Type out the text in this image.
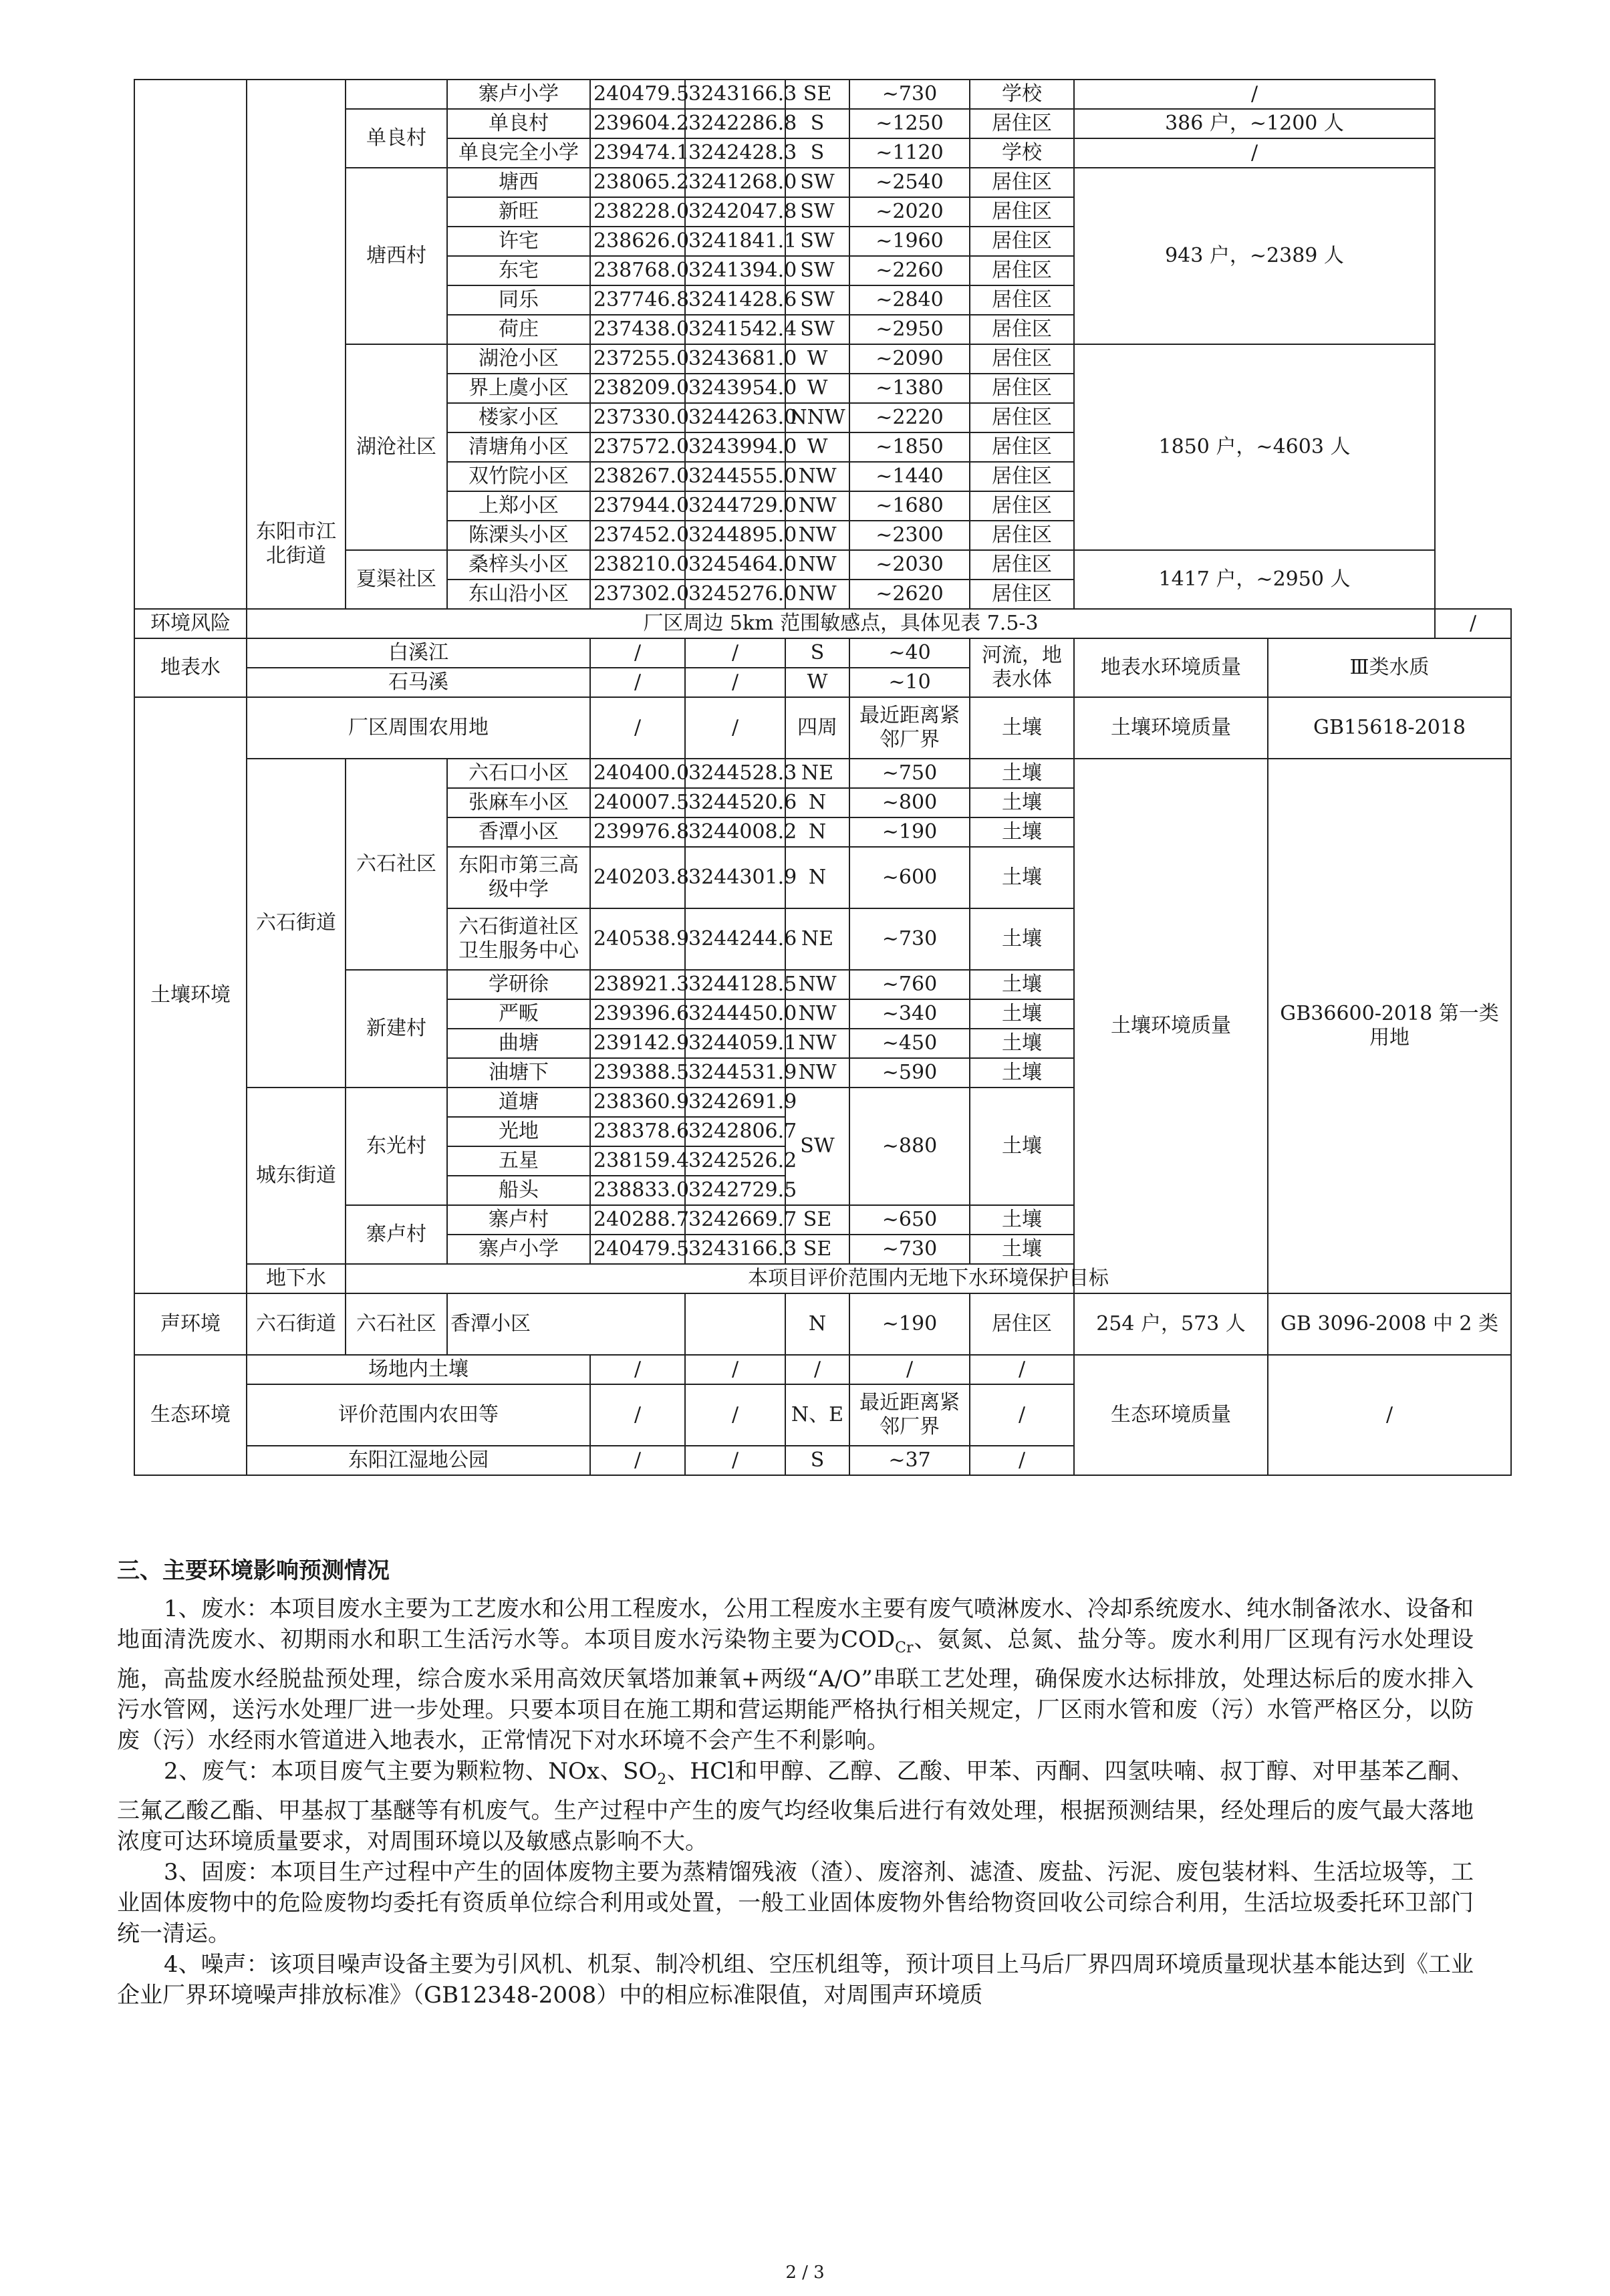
	东阳市江北街道		寨卢小学	240479.5	3243166.3	SE	~730	学校	/		
		单良村	单良村	239604.2	3242286.8	S	~1250	居住区	386 户，~1200 人		
			单良完全小学	239474.1	3242428.3	S	~1120	学校	/		
		塘西村	塘西	238065.2	3241268.0	SW	~2540	居住区	943 户，~2389 人		
			新旺	238228.0	3242047.8	SW	~2020	居住区			
			许宅	238626.0	3241841.1	SW	~1960	居住区			
			东宅	238768.0	3241394.0	SW	~2260	居住区			
			同乐	237746.8	3241428.6	SW	~2840	居住区			
			荷庄	237438.0	3241542.4	SW	~2950	居住区			
		湖沧社区	湖沧小区	237255.0	3243681.0	W	~2090	居住区	1850 户，~4603 人		
			界上虞小区	238209.0	3243954.0	W	~1380	居住区			
			楼家小区	237330.0	3244263.0	NNW	~2220	居住区			
			清塘角小区	237572.0	3243994.0	W	~1850	居住区			
			双竹院小区	238267.0	3244555.0	NW	~1440	居住区			
			上郑小区	237944.0	3244729.0	NW	~1680	居住区			
			陈溧头小区	237452.0	3244895.0	NW	~2300	居住区			
		夏渠社区	桑梓头小区	238210.0	3245464.0	NW	~2030	居住区	1417 户，~2950 人		
			东山沿小区	237302.0	3245276.0	NW	~2620	居住区			
环境风险	厂区周边 5km 范围敏感点，具体见表 7.5-3										/
地表水	白溪江			/	/	S	~40	河流，地表水体	地表水环境质量	Ⅲ类水质	
	石马溪			/	/	W	~10				
土壤环境	厂区周围农用地			/	/	四周	最近距离紧邻厂界	土壤	土壤环境质量	GB15618-2018	
	六石街道	六石社区	六石口小区	240400.0	3244528.3	NE	~750	土壤	土壤环境质量	GB36600-2018 第一类用地	
			张麻车小区	240007.5	3244520.6	N	~800	土壤			
			香潭小区	239976.8	3244008.2	N	~190	土壤			
			东阳市第三高级中学	240203.8	3244301.9	N	~600	土壤			
			六石街道社区卫生服务中心	240538.9	3244244.6	NE	~730	土壤			
		新建村	学研徐	238921.3	3244128.5	NW	~760	土壤			
			严畈	239396.6	3244450.0	NW	~340	土壤			
			曲塘	239142.9	3244059.1	NW	~450	土壤			
			油塘下	239388.5	3244531.9	NW	~590	土壤			
	城东街道	东光村	道塘	238360.9	3242691.9	SW	~880	土壤			
			光地	238378.6	3242806.7						
			五星	238159.4	3242526.2						
			船头	238833.0	3242729.5						
		寨卢村	寨卢村	240288.7	3242669.7	SE	~650	土壤			
			寨卢小学	240479.5	3243166.3	SE	~730	土壤			
	地下水	本项目评价范围内无地下水环境保护目标									
声环境	六石街道	六石社区	香潭小区			N	~190	居住区	254 户，573 人	GB 3096-2008 中 2 类	
生态环境	场地内土壤			/	/	/	/	/	生态环境质量	/	
	评价范围内农田等			/	/	N、E	最近距离紧邻厂界	/			
	东阳江湿地公园			/	/	S	~37	/			
三、主要环境影响预测情况

1、废水：本项目废水主要为工艺废水和公用工程废水，公用工程废水主要有废气喷淋废水、冷却系统废水、纯水制备浓水、设备和地面清洗废水、初期雨水和职工生活污水等。本项目废水污染物主要为$COD_{Cr}$、氨氮、总氮、盐分等。废水利用厂区现有污水处理设施，高盐废水经脱盐预处理，综合废水采用高效厌氧塔加兼氧+两级“A/O”串联工艺处理，确保废水达标排放，处理达标后的废水排入污水管网，送污水处理厂进一步处理。只要本项目在施工期和营运期能严格执行相关规定，厂区雨水管和废（污）水管严格区分，以防废（污）水经雨水管道进入地表水，正常情况下对水环境不会产生不利影响。

2、废气：本项目废气主要为颗粒物、NOx、$SO_2$、HCl和甲醇、乙醇、乙酸、甲苯、丙酮、四氢呋喃、叔丁醇、对甲基苯乙酮、三氟乙酸乙酯、甲基叔丁基醚等有机废气。生产过程中产生的废气均经收集后进行有效处理，根据预测结果，经处理后的废气最大落地浓度可达环境质量要求，对周围环境以及敏感点影响不大。

3、固废：本项目生产过程中产生的固体废物主要为蒸精馏残液（渣）、废溶剂、滤渣、废盐、污泥、废包装材料、生活垃圾等，工业固体废物中的危险废物均委托有资质单位综合利用或处置，一般工业固体废物外售给物资回收公司综合利用，生活垃圾委托环卫部门统一清运。

4、噪声：该项目噪声设备主要为引风机、机泵、制冷机组、空压机组等，预计项目上马后厂界四周环境质量现状基本能达到《工业企业厂界环境噪声排放标准》（GB12348-2008）中的相应标准限值，对周围声环境质

2 / 3
